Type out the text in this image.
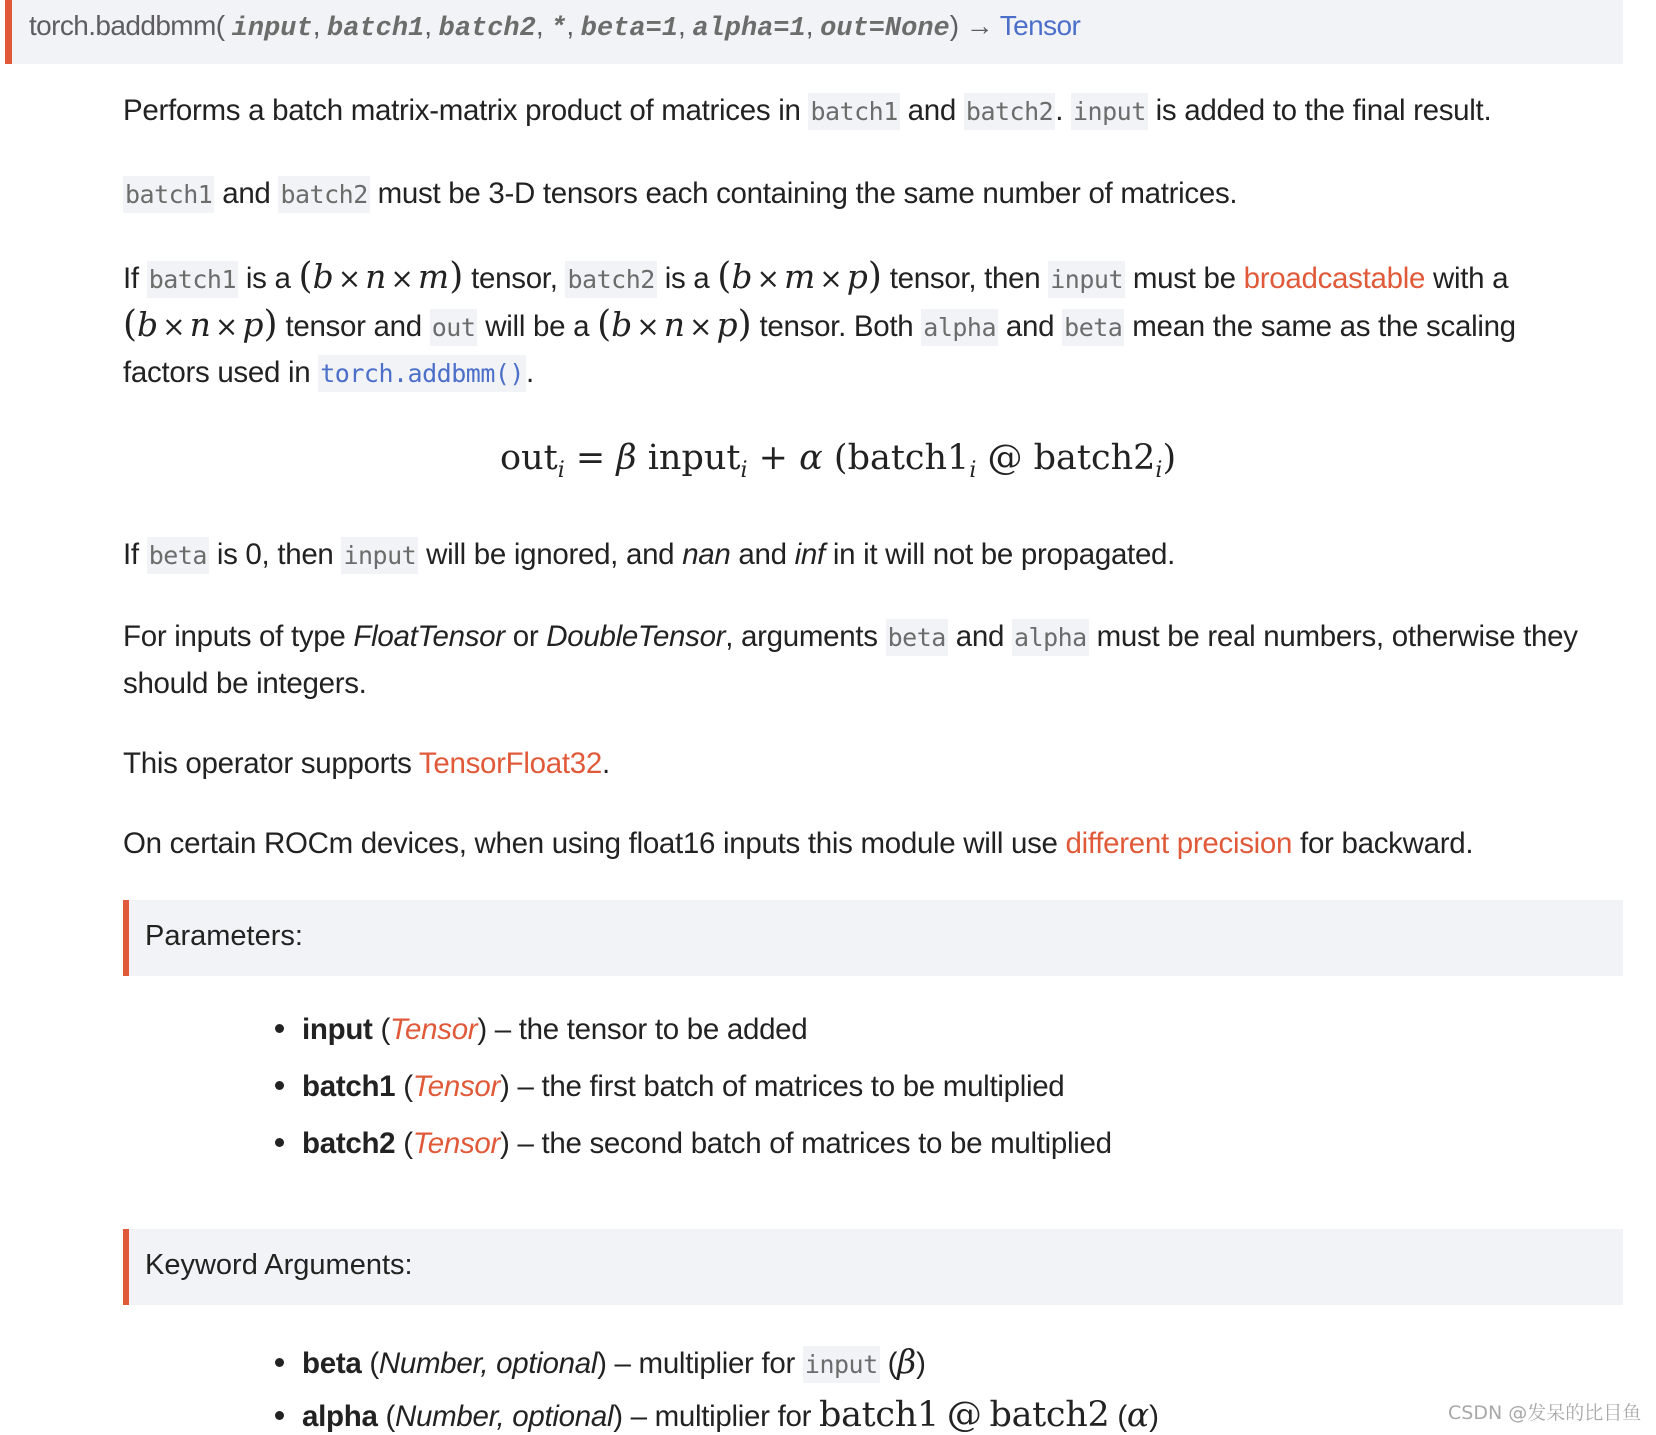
torch.baddbmm( input, batch1, batch2, *, beta=1, alpha=1, out=None) → Tensor
Performs a batch matrix-matrix product of matrices in batch1 and batch2. input is added to the final result.
batch1 and batch2 must be 3-D tensors each containing the same number of matrices.
If batch1 is a (b × n × m) tensor, batch2 is a (b × m × p) tensor, then input must be broadcastable with a
(b × n × p) tensor and out will be a (b × n × p) tensor. Both alpha and beta mean the same as the scaling
factors used in torch.addbmm().
out$_i$ = β input$_i$ + α ($batch1_i$ @ $batch2_i$)
If beta is 0, then input will be ignored, and nan and inf in it will not be propagated.
For inputs of type FloatTensor or DoubleTensor, arguments beta and alpha must be real numbers, otherwise they
should be integers.
This operator supports TensorFloat32.
On certain ROCm devices, when using float16 inputs this module will use different precision for backward.
Parameters:
input (Tensor) – the tensor to be added
batch1 (Tensor) – the first batch of matrices to be multiplied
batch2 (Tensor) – the second batch of matrices to be multiplied
Keyword Arguments:
beta (Number, optional) – multiplier for input (β)
alpha (Number, optional) – multiplier for batch1 @ batch2 (α)	CSDN @发呆的比目鱼
